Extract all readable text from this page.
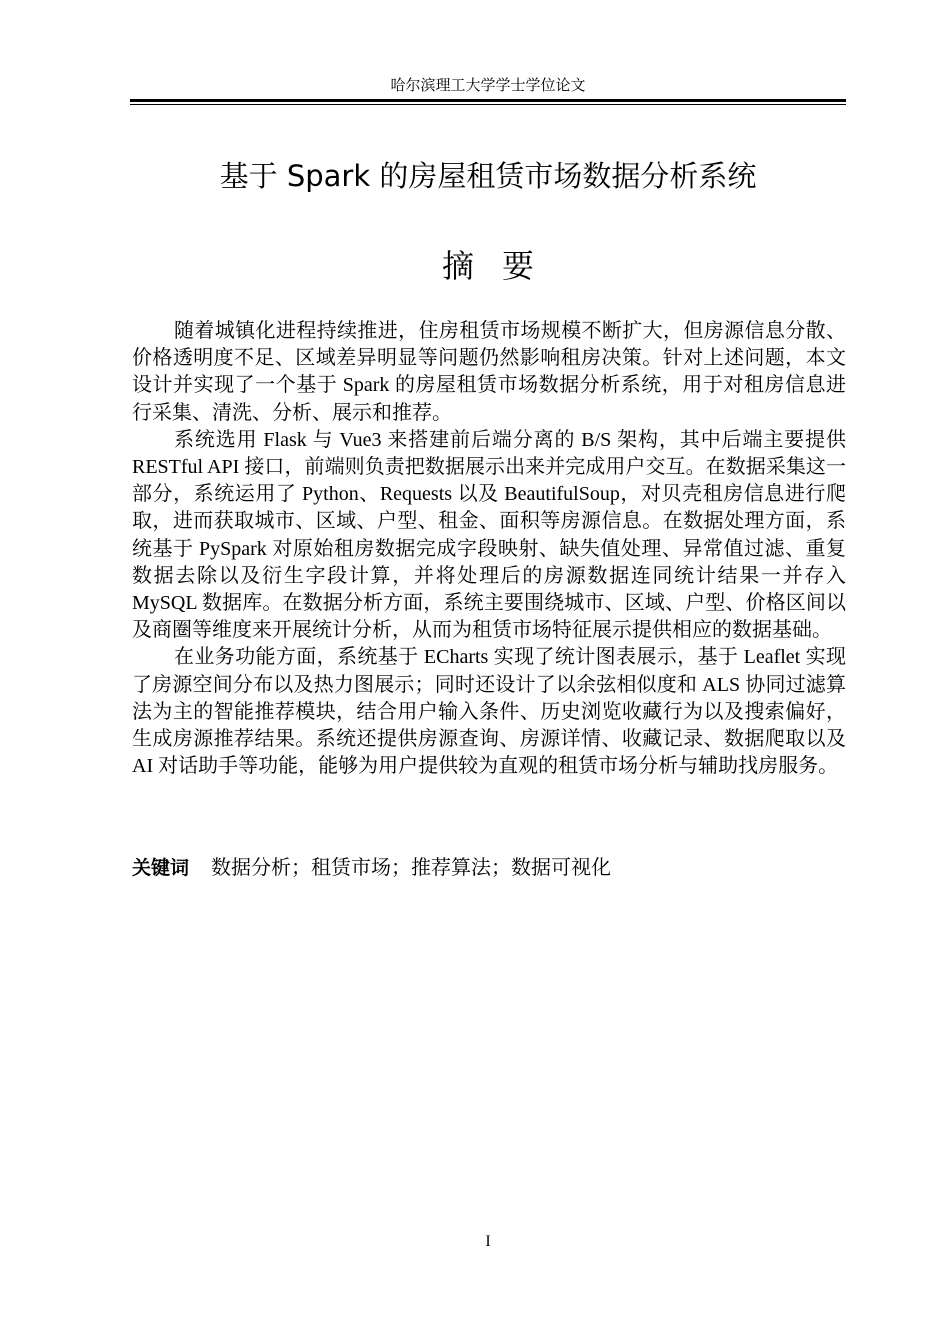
哈尔滨理工大学学士学位论文
基于 Spark 的房屋租赁市场数据分析系统
摘要

随着城镇化进程持续推进，住房租赁市场规模不断扩大，但房源信息分散、价格透明度不足、区域差异明显等问题仍然影响租房决策。针对上述问题，本文设计并实现了一个基于 Spark 的房屋租赁市场数据分析系统，用于对租房信息进行采集、清洗、分析、展示和推荐。

系统选用 Flask 与 Vue3 来搭建前后端分离的 B/S 架构，其中后端主要提供 RESTful API 接口，前端则负责把数据展示出来并完成用户交互。在数据采集这一部分，系统运用了 Python、Requests 以及 BeautifulSoup，对贝壳租房信息进行爬取，进而获取城市、区域、户型、租金、面积等房源信息。在数据处理方面，系统基于 PySpark 对原始租房数据完成字段映射、缺失值处理、异常值过滤、重复数据去除以及衍生字段计算，并将处理后的房源数据连同统计结果一并存入 MySQL 数据库。在数据分析方面，系统主要围绕城市、区域、户型、价格区间以及商圈等维度来开展统计分析，从而为租赁市场特征展示提供相应的数据基础。

在业务功能方面，系统基于 ECharts 实现了统计图表展示，基于 Leaflet 实现了房源空间分布以及热力图展示；同时还设计了以余弦相似度和 ALS 协同过滤算法为主的智能推荐模块，结合用户输入条件、历史浏览收藏行为以及搜索偏好，生成房源推荐结果。系统还提供房源查询、房源详情、收藏记录、数据爬取以及 AI 对话助手等功能，能够为用户提供较为直观的租赁市场分析与辅助找房服务。

关键词 数据分析；租赁市场；推荐算法；数据可视化
I
